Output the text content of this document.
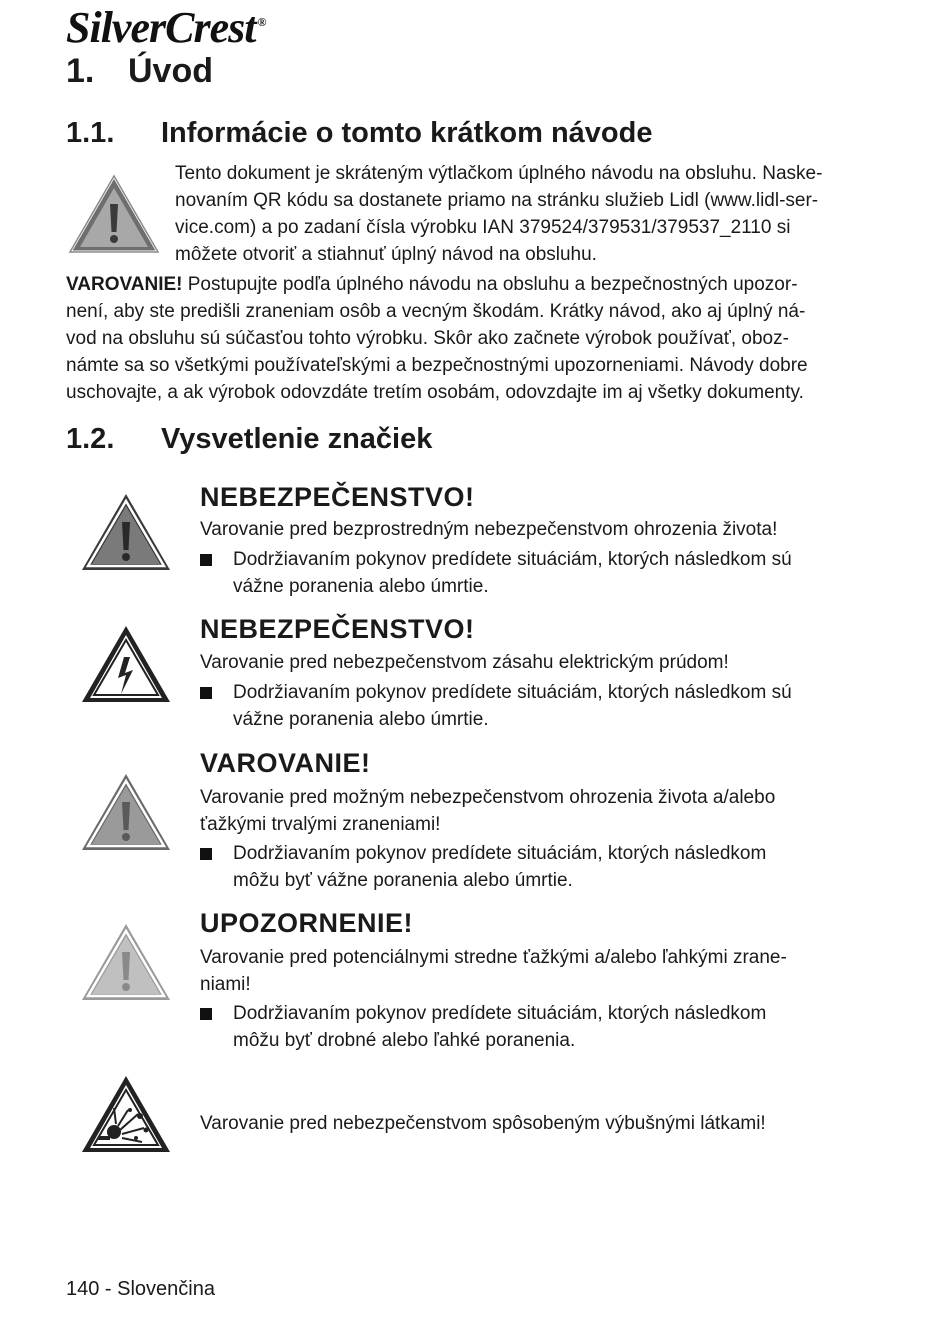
SilverCrest ®
1. Úvod
1.1. Informácie o tomto krátkom návode
Tento dokument je skráteným výtlačkom úplného návodu na obsluhu. Naske-
novaním QR kódu sa dostanete priamo na stránku služieb Lidl (www.lidl-ser-
vice.com) a po zadaní čísla výrobku IAN 379524/379531/379537_2110 si
môžete otvoriť a stiahnuť úplný návod na obsluhu.
VAROVANIE! Postupujte podľa úplného návodu na obsluhu a bezpečnostných upozor-
není, aby ste predišli zraneniam osôb a vecným škodám. Krátky návod, ako aj úplný ná-
vod na obsluhu sú súčasťou tohto výrobku. Skôr ako začnete výrobok používať, oboz-
námte sa so všetkými používateľskými a bezpečnostnými upozorneniami. Návody dobre
uschovajte, a ak výrobok odovzdáte tretím osobám, odovzdajte im aj všetky dokumenty.
1.2. Vysvetlenie značiek
NEBEZPEČENSTVO!
Varovanie pred bezprostredným nebezpečenstvom ohrozenia života!
Dodržiavaním pokynov predídete situáciám, ktorých následkom sú
vážne poranenia alebo úmrtie.
NEBEZPEČENSTVO!
Varovanie pred nebezpečenstvom zásahu elektrickým prúdom!
Dodržiavaním pokynov predídete situáciám, ktorých následkom sú
vážne poranenia alebo úmrtie.
VAROVANIE!
Varovanie pred možným nebezpečenstvom ohrozenia života a/alebo
ťažkými trvalými zraneniami!
Dodržiavaním pokynov predídete situáciám, ktorých následkom
môžu byť vážne poranenia alebo úmrtie.
UPOZORNENIE!
Varovanie pred potenciálnymi stredne ťažkými a/alebo ľahkými zrane-
niami!
Dodržiavaním pokynov predídete situáciám, ktorých následkom
môžu byť drobné alebo ľahké poranenia.
Varovanie pred nebezpečenstvom spôsobeným výbušnými látkami!
140 - Slovenčina
